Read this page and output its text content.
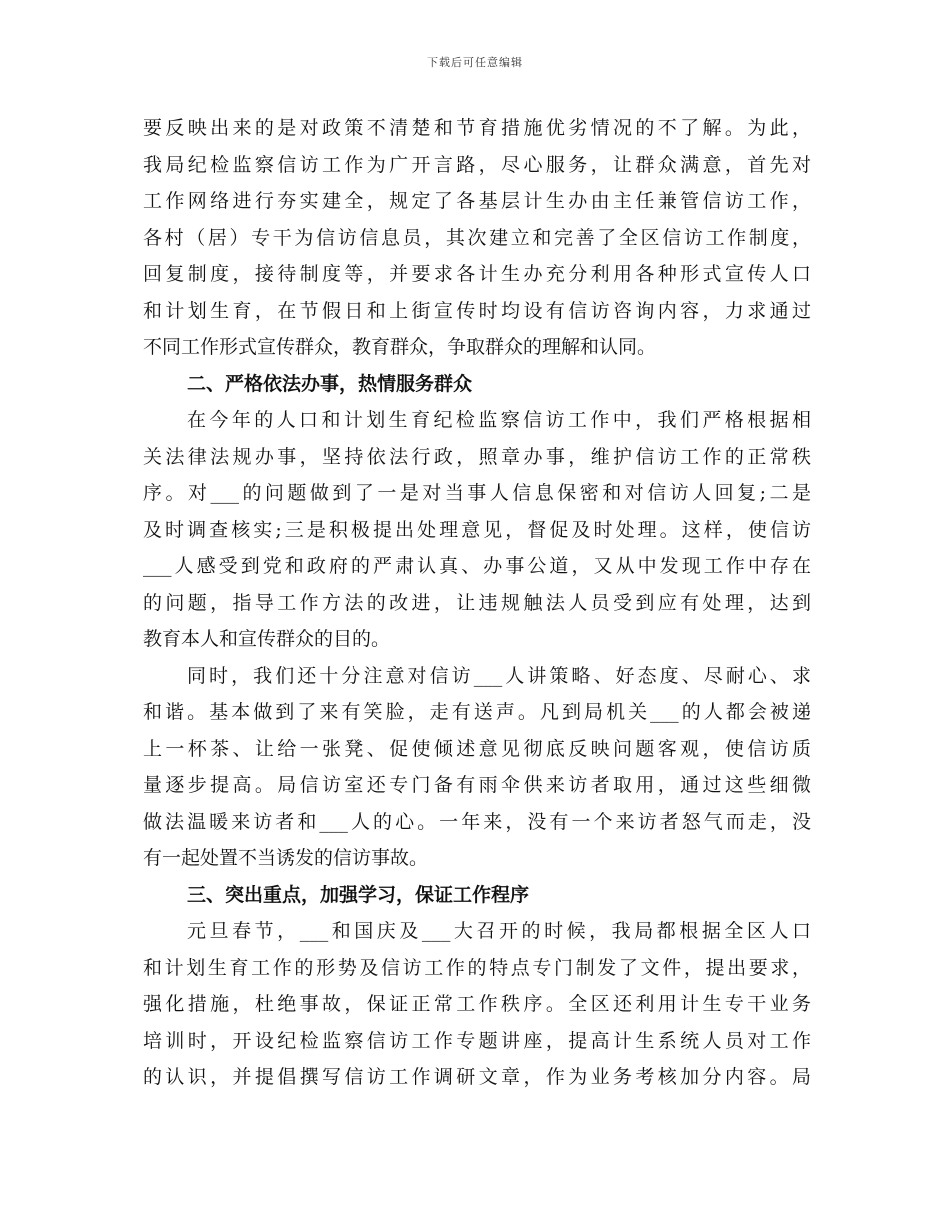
下载后可任意编辑
要反映出来的是对政策不清楚和节育措施优劣情况的不了解。为此，
我局纪检监察信访工作为广开言路，尽心服务，让群众满意，首先对
工作网络进行夯实建全，规定了各基层计生办由主任兼管信访工作，
各村（居）专干为信访信息员，其次建立和完善了全区信访工作制度，
回复制度，接待制度等，并要求各计生办充分利用各种形式宣传人口
和计划生育，在节假日和上街宣传时均设有信访咨询内容，力求通过
不同工作形式宣传群众，教育群众，争取群众的理解和认同。
二、严格依法办事，热情服务群众
在今年的人口和计划生育纪检监察信访工作中，我们严格根据相
关法律法规办事，坚持依法行政，照章办事，维护信访工作的正常秩
序。对___的问题做到了一是对当事人信息保密和对信访人回复;二是
及时调查核实;三是积极提出处理意见，督促及时处理。这样，使信访
___人感受到党和政府的严肃认真、办事公道，又从中发现工作中存在
的问题，指导工作方法的改进，让违规触法人员受到应有处理，达到
教育本人和宣传群众的目的。
同时，我们还十分注意对信访___人讲策略、好态度、尽耐心、求
和谐。基本做到了来有笑脸，走有送声。凡到局机关___的人都会被递
上一杯茶、让给一张凳、促使倾述意见彻底反映问题客观，使信访质
量逐步提高。局信访室还专门备有雨伞供来访者取用，通过这些细微
做法温暖来访者和___人的心。一年来，没有一个来访者怒气而走，没
有一起处置不当诱发的信访事故。
三、突出重点，加强学习，保证工作程序
元旦春节，___和国庆及___大召开的时候，我局都根据全区人口
和计划生育工作的形势及信访工作的特点专门制发了文件，提出要求，
强化措施，杜绝事故，保证正常工作秩序。全区还利用计生专干业务
培训时，开设纪检监察信访工作专题讲座，提高计生系统人员对工作
的认识，并提倡撰写信访工作调研文章，作为业务考核加分内容。局
